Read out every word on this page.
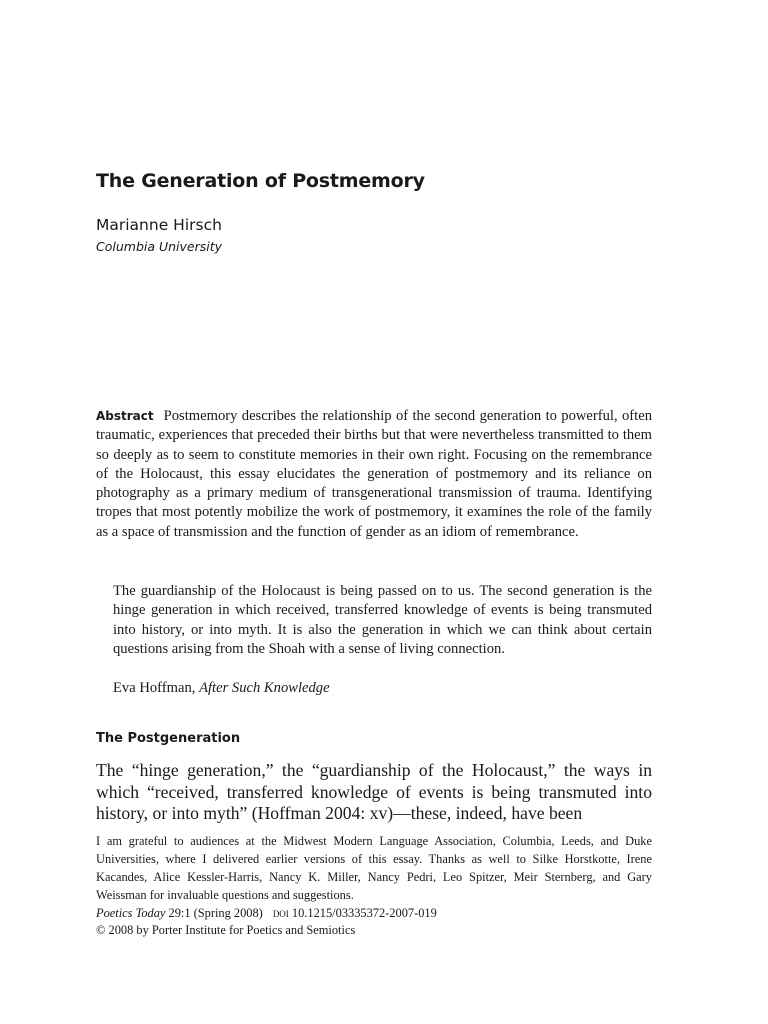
The Generation of Postmemory
Marianne Hirsch
Columbia University

Abstract Postmemory describes the relationship of the second generation to powerful, often traumatic, experiences that preceded their births but that were nevertheless transmitted to them so deeply as to seem to constitute memories in their own right. Focusing on the remembrance of the Holocaust, this essay elucidates the generation of postmemory and its reliance on photography as a primary medium of transgenerational transmission of trauma. Identifying tropes that most potently mobilize the work of postmemory, it examines the role of the family as a space of transmission and the function of gender as an idiom of remembrance.

The guardianship of the Holocaust is being passed on to us. The second generation is the hinge generation in which received, transferred knowledge of events is being transmuted into history, or into myth. It is also the generation in which we can think about certain questions arising from the Shoah with a sense of living connection.

Eva Hoffman, After Such Knowledge
The Postgeneration

The “hinge generation,” the “guardianship of the Holocaust,” the ways in which “received, transferred knowledge of events is being transmuted into history, or into myth” (Hoffman 2004: xv)—these, indeed, have been

I am grateful to audiences at the Midwest Modern Language Association, Columbia, Leeds, and Duke Universities, where I delivered earlier versions of this essay. Thanks as well to Silke Horstkotte, Irene Kacandes, Alice Kessler-Harris, Nancy K. Miller, Nancy Pedri, Leo Spitzer, Meir Sternberg, and Gary Weissman for invaluable questions and suggestions.

Poetics Today 29:1 (Spring 2008) doi 10.1215/03335372-2007-019
© 2008 by Porter Institute for Poetics and Semiotics
